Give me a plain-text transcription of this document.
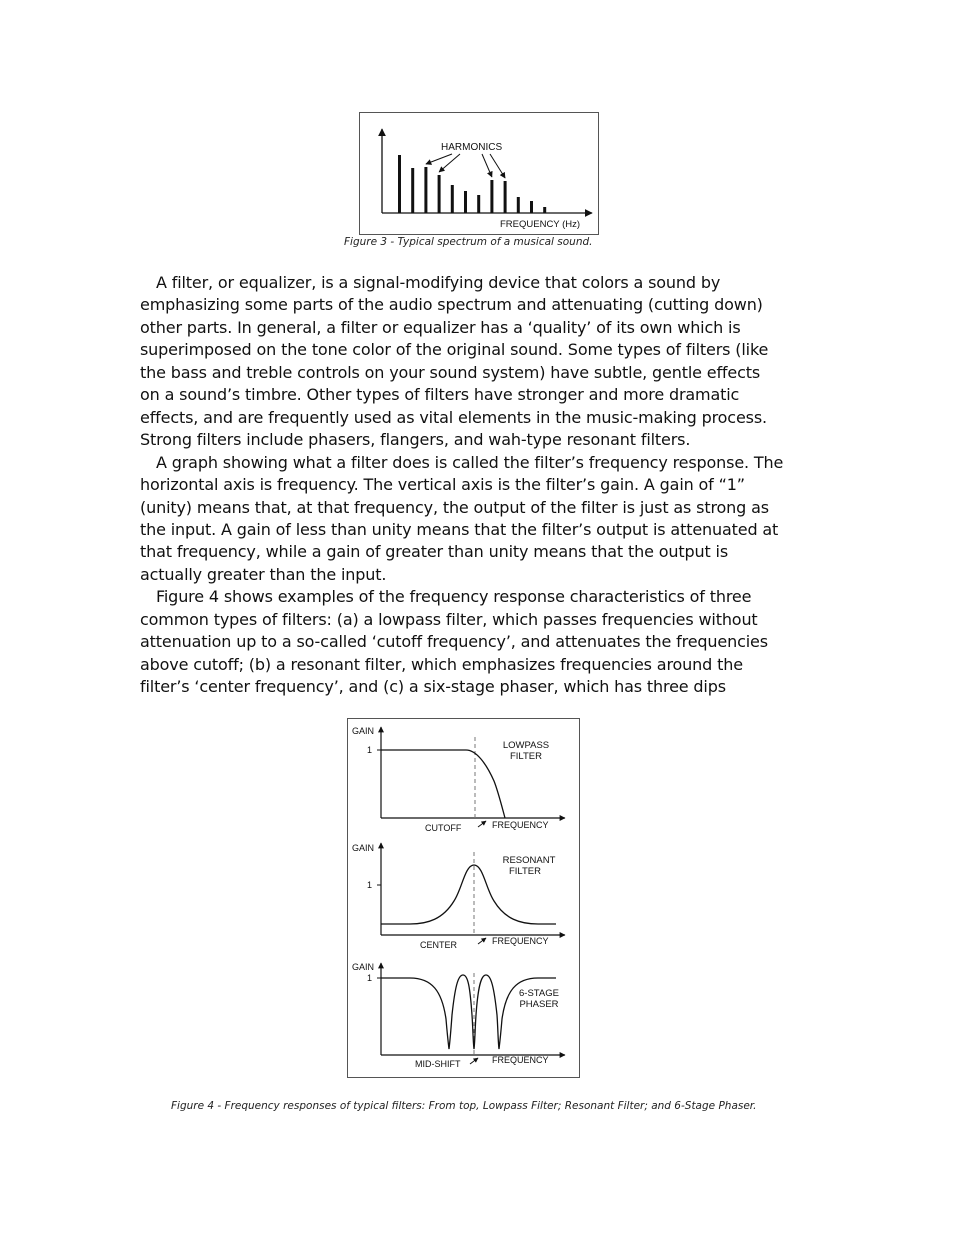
HARMONICS
FREQUENCY (Hz)
Figure 3 - Typical spectrum of a musical sound.

A filter, or equalizer, is a signal-modifying device that colors a sound by
emphasizing some parts of the audio spectrum and attenuating (cutting down)
other parts. In general, a filter or equalizer has a ‘quality’ of its own which is
superimposed on the tone color of the original sound. Some types of filters (like
the bass and treble controls on your sound system) have subtle, gentle effects
on a sound’s timbre. Other types of filters have stronger and more dramatic
effects, and are frequently used as vital elements in the music-making process.
Strong filters include phasers, flangers, and wah-type resonant filters.

A graph showing what a filter does is called the filter’s frequency response. The
horizontal axis is frequency. The vertical axis is the filter’s gain. A gain of “1”
(unity) means that, at that frequency, the output of the filter is just as strong as
the input. A gain of less than unity means that the filter’s output is attenuated at
that frequency, while a gain of greater than unity means that the output is
actually greater than the input.

Figure 4 shows examples of the frequency response characteristics of three
common types of filters: (a) a lowpass filter, which passes frequencies without
attenuation up to a so-called ‘cutoff frequency’, and attenuates the frequencies
above cutoff; (b) a resonant filter, which emphasizes frequencies around the
filter’s ‘center frequency’, and (c) a six-stage phaser, which has three dips

GAIN
1	LOWPASS
FILTER
CUTOFF	FREQUENCY
GAIN
1
RESONANT
FILTER
CENTER	FREQUENCY
GAIN
1
6-STAGE
PHASER
MID-SHIFT	FREQUENCY
Figure 4 - Frequency responses of typical filters: From top, Lowpass Filter; Resonant Filter; and 6-Stage Phaser.
